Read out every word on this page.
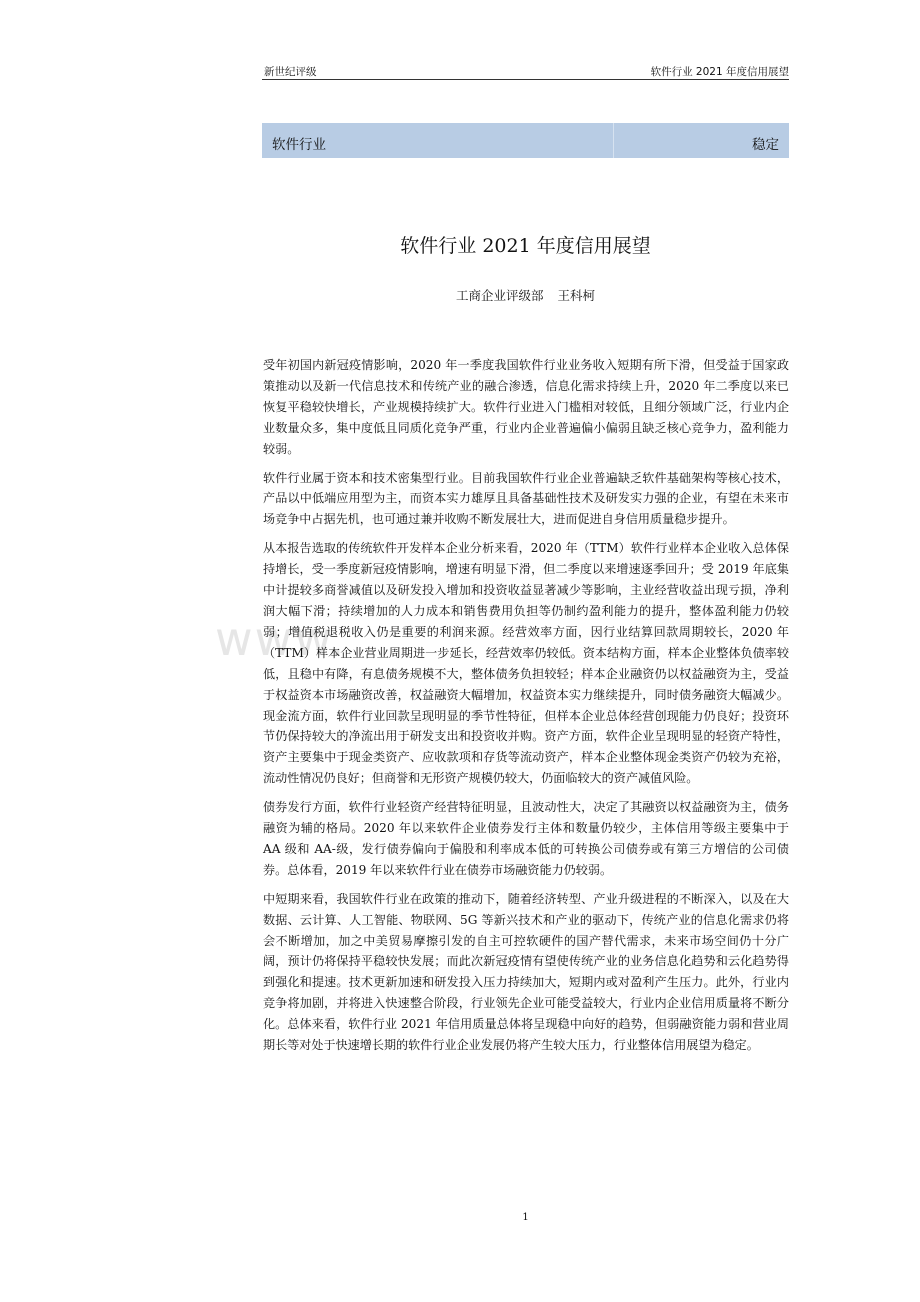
新世纪评级	软件行业 2021 年度信用展望
软件行业	稳定
软件行业 2021 年度信用展望
工商企业评级部 王科柯
www.

受年初国内新冠疫情影响，2020 年一季度我国软件行业业务收入短期有所下滑，但受益于国家政策推动以及新一代信息技术和传统产业的融合渗透，信息化需求持续上升，2020 年二季度以来已恢复平稳较快增长，产业规模持续扩大。软件行业进入门槛相对较低，且细分领域广泛，行业内企业数量众多，集中度低且同质化竞争严重，行业内企业普遍偏小偏弱且缺乏核心竞争力，盈利能力较弱。

软件行业属于资本和技术密集型行业。目前我国软件行业企业普遍缺乏软件基础架构等核心技术，产品以中低端应用型为主，而资本实力雄厚且具备基础性技术及研发实力强的企业，有望在未来市场竞争中占据先机，也可通过兼并收购不断发展壮大，进而促进自身信用质量稳步提升。

从本报告选取的传统软件开发样本企业分析来看，2020 年（TTM）软件行业样本企业收入总体保持增长，受一季度新冠疫情影响，增速有明显下滑，但二季度以来增速逐季回升；受 2019 年底集中计提较多商誉减值以及研发投入增加和投资收益显著减少等影响，主业经营收益出现亏损，净利润大幅下滑；持续增加的人力成本和销售费用负担等仍制约盈利能力的提升，整体盈利能力仍较弱；增值税退税收入仍是重要的利润来源。经营效率方面，因行业结算回款周期较长，2020 年（TTM）样本企业营业周期进一步延长，经营效率仍较低。资本结构方面，样本企业整体负债率较低，且稳中有降，有息债务规模不大，整体债务负担较轻；样本企业融资仍以权益融资为主，受益于权益资本市场融资改善，权益融资大幅增加，权益资本实力继续提升，同时债务融资大幅减少。现金流方面，软件行业回款呈现明显的季节性特征，但样本企业总体经营创现能力仍良好；投资环节仍保持较大的净流出用于研发支出和投资收并购。资产方面，软件企业呈现明显的轻资产特性，资产主要集中于现金类资产、应收款项和存货等流动资产，样本企业整体现金类资产仍较为充裕，流动性情况仍良好；但商誉和无形资产规模仍较大，仍面临较大的资产减值风险。

债券发行方面，软件行业轻资产经营特征明显，且波动性大，决定了其融资以权益融资为主，债务融资为辅的格局。2020 年以来软件企业债券发行主体和数量仍较少，主体信用等级主要集中于 AA 级和 AA-级，发行债券偏向于偏股和利率成本低的可转换公司债券或有第三方增信的公司债券。总体看，2019 年以来软件行业在债券市场融资能力仍较弱。

中短期来看，我国软件行业在政策的推动下，随着经济转型、产业升级进程的不断深入，以及在大数据、云计算、人工智能、物联网、5G 等新兴技术和产业的驱动下，传统产业的信息化需求仍将会不断增加，加之中美贸易摩擦引发的自主可控软硬件的国产替代需求，未来市场空间仍十分广阔，预计仍将保持平稳较快发展；而此次新冠疫情有望使传统产业的业务信息化趋势和云化趋势得到强化和提速。技术更新加速和研发投入压力持续加大，短期内或对盈利产生压力。此外，行业内竞争将加剧，并将进入快速整合阶段，行业领先企业可能受益较大，行业内企业信用质量将不断分化。总体来看，软件行业 2021 年信用质量总体将呈现稳中向好的趋势，但弱融资能力弱和营业周期长等对处于快速增长期的软件行业企业发展仍将产生较大压力，行业整体信用展望为稳定。

1
